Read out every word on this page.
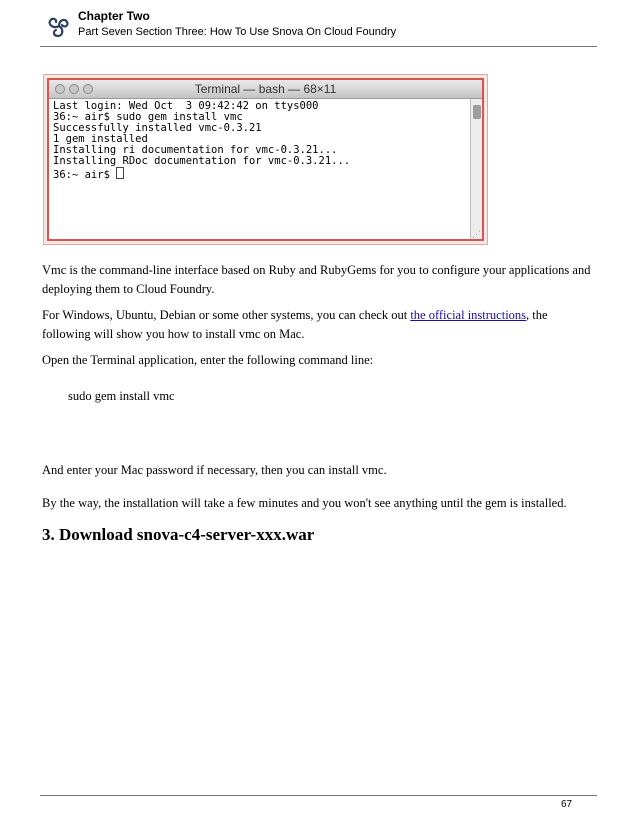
Chapter Two
Part Seven Section Three: How To Use Snova On Cloud Foundry
Terminal — bash — 68×11
Last login: Wed Oct  3 09:42:42 on ttys000
36:~ air$ sudo gem install vmc
Successfully installed vmc-0.3.21
1 gem installed
Installing ri documentation for vmc-0.3.21...
Installing RDoc documentation for vmc-0.3.21...
36:~ air$
⋰

Vmc is the command-line interface based on Ruby and RubyGems for you to configure your applications and deploying them to Cloud Foundry.

For Windows, Ubuntu, Debian or some other systems, you can check out the official instructions, the following will show you how to install vmc on Mac.

Open the Terminal application, enter the following command line:

sudo gem install vmc

And enter your Mac password if necessary, then you can install vmc.

By the way, the installation will take a few minutes and you won't see anything until the gem is installed.

3. Download snova-c4-server-xxx.war
67
